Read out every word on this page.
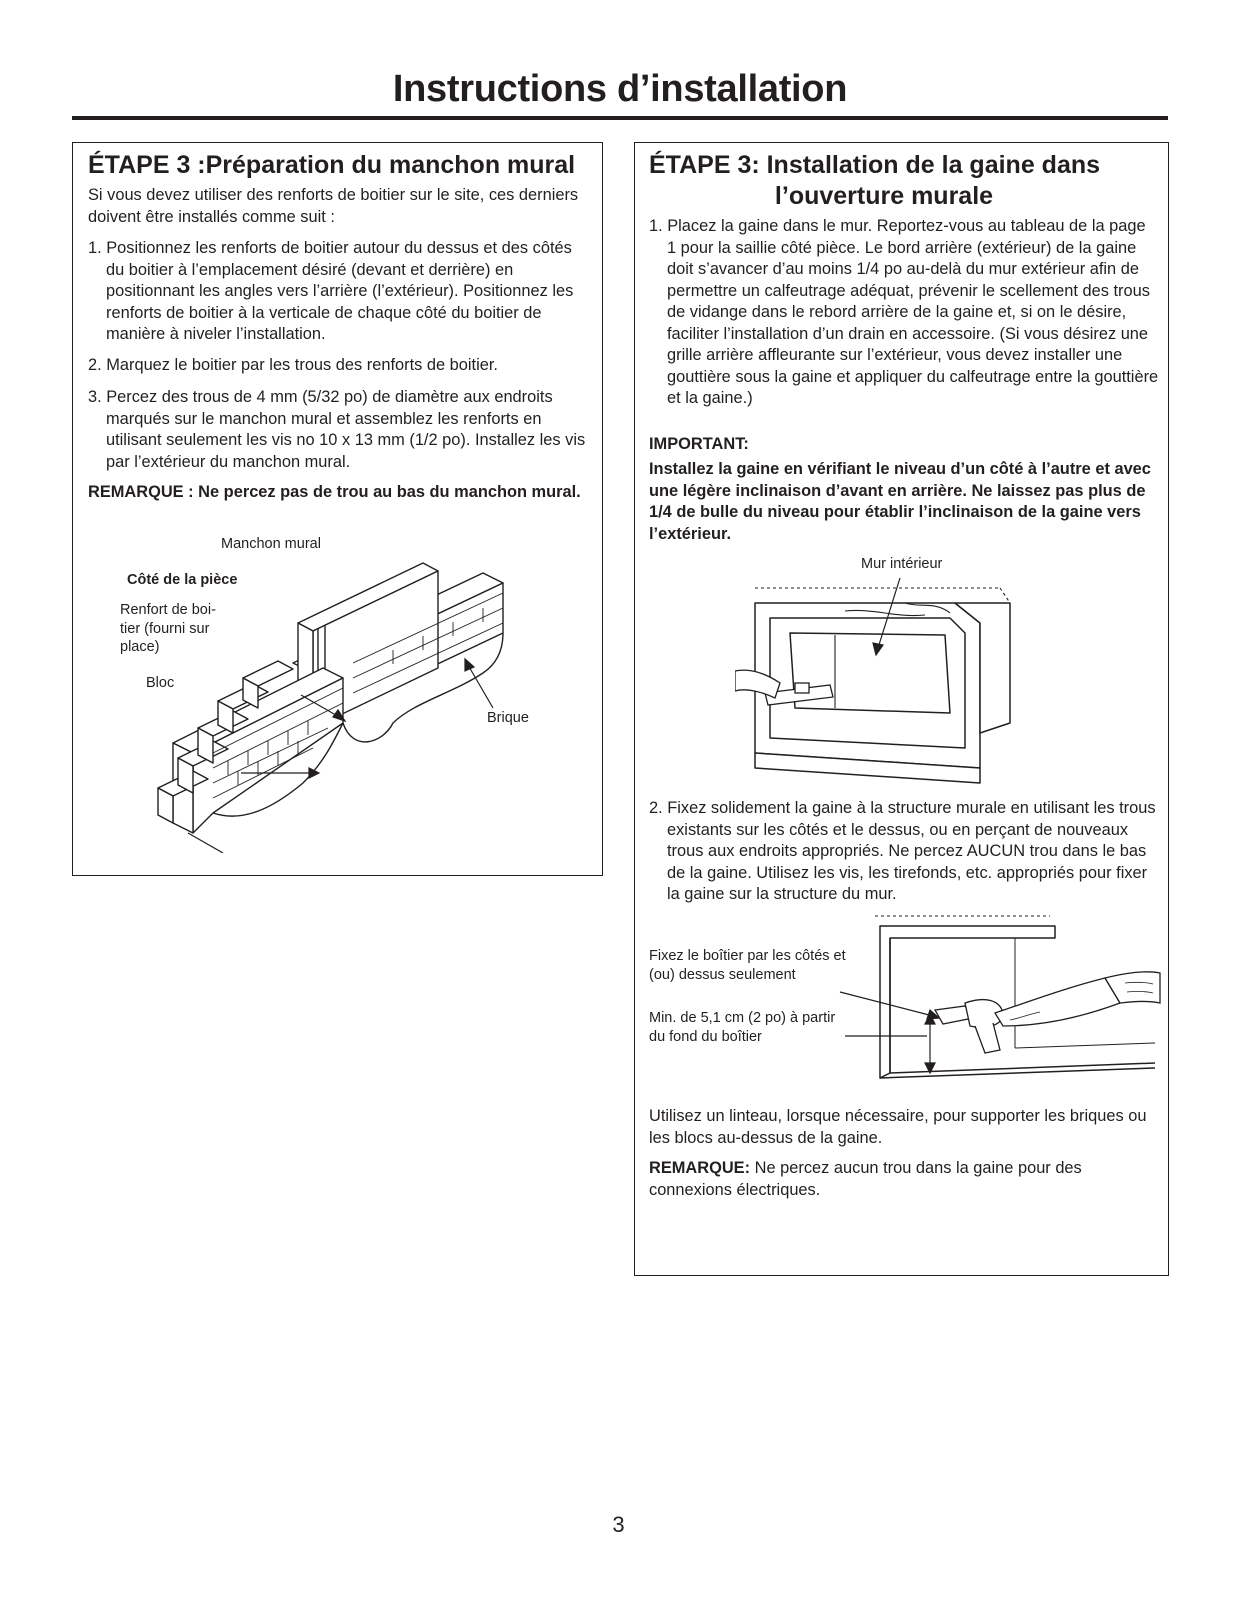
Instructions d’installation
ÉTAPE 3 :Préparation du manchon mural
Si vous devez utiliser des renforts de boitier sur le site, ces derniers doivent être installés comme suit :
1. Positionnez les renforts de boitier autour du dessus et des côtés du boitier à l’emplacement désiré (devant et derrière) en positionnant les angles vers l’arrière (l’extérieur). Positionnez les renforts de boitier à la verticale de chaque côté du boitier de manière à niveler l’installation.
2. Marquez le boitier par les trous des renforts de boitier.
3. Percez des trous de 4 mm (5/32 po) de diamètre aux endroits marqués sur le manchon mural et assemblez les renforts en utilisant seulement les vis no 10 x 13 mm (1/2 po). Installez les vis par l’extérieur du manchon mural.
REMARQUE : Ne percez pas de trou au bas du manchon mural.
Manchon mural
Côté de la pièce
Renfort de boi-
tier (fourni sur
place)
Bloc
Brique
ÉTAPE 3: Installation de la gaine dans
l’ouverture murale
1. Placez la gaine dans le mur. Reportez-vous au tableau de la page 1 pour la saillie côté pièce. Le bord arrière (extérieur) de la gaine doit s’avancer d’au moins 1/4 po au-delà du mur extérieur afin de permettre un calfeutrage adéquat, prévenir le scellement des trous de vidange dans le rebord arrière de la gaine et, si on le désire, faciliter l’installation d’un drain en accessoire. (Si vous désirez une grille arrière affleurante sur l’extérieur, vous devez installer une gouttière sous la gaine et appliquer du calfeutrage entre la gouttière et la gaine.)
IMPORTANT:
Installez la gaine en vérifiant le niveau d’un côté à l’autre et avec une légère inclinaison d’avant en arrière. Ne laissez pas plus de 1/4 de bulle du niveau pour établir l’inclinaison de la gaine vers l’extérieur.
Mur intérieur
2. Fixez solidement la gaine à la structure murale en utilisant les trous existants sur les côtés et le dessus, ou en perçant de nouveaux trous aux endroits appropriés. Ne percez AUCUN trou dans le bas de la gaine. Utilisez les vis, les tirefonds, etc. appropriés pour fixer la gaine sur la structure du mur.
Fixez le boîtier par les côtés et
(ou) dessus seulement
Min. de 5,1 cm (2 po) à partir
du fond du boîtier
Utilisez un linteau, lorsque nécessaire, pour supporter les briques ou les blocs au-dessus de la gaine.
REMARQUE: Ne percez aucun trou dans la gaine pour des connexions électriques.
3
